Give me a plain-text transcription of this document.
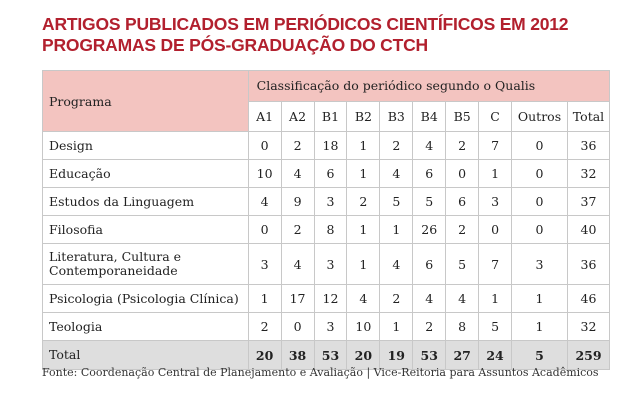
ARTIGOS PUBLICADOS EM PERIÓDICOS CIENTÍFICOS EM 2012
PROGRAMAS DE PÓS-GRADUAÇÃO DO CTCH
Programa	Classificação do periódico segundo o Qualis									
	A1	A2	B1	B2	B3	B4	B5	C	Outros	Total
Design	0	2	18	1	2	4	2	7	0	36
Educação	10	4	6	1	4	6	0	1	0	32
Estudos da Linguagem	4	9	3	2	5	5	6	3	0	37
Filosofia	0	2	8	1	1	26	2	0	0	40
Literatura, Cultura e
Contemporaneidade	3	4	3	1	4	6	5	7	3	36
Psicologia (Psicologia Clínica)	1	17	12	4	2	4	4	1	1	46
Teologia	2	0	3	10	1	2	8	5	1	32
Total	20	38	53	20	19	53	27	24	5	259
Fonte: Coordenação Central de Planejamento e Avaliação | Vice-Reitoria para Assuntos Acadêmicos
